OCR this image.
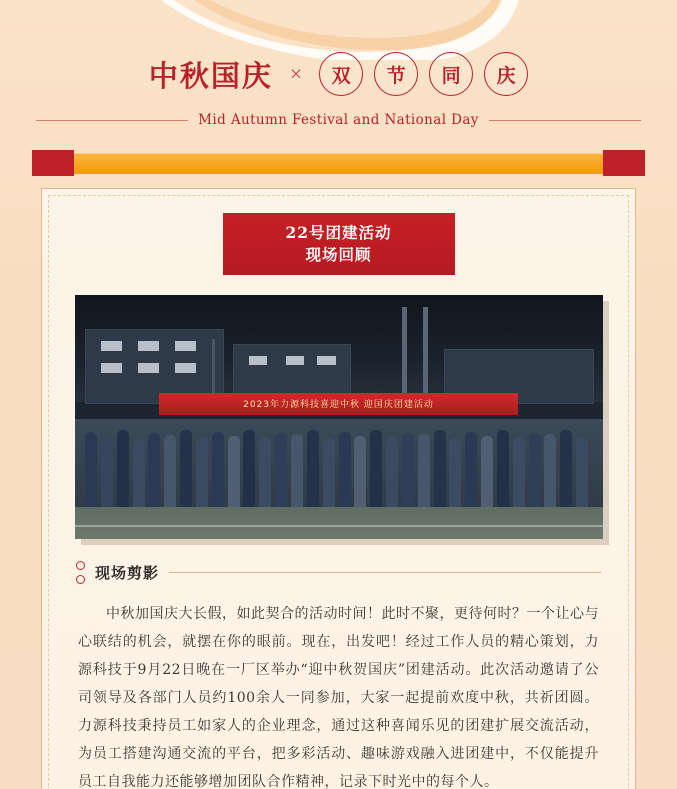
中秋国庆 ×	双	节	同	庆
Mid Autumn Festival and National Day
22号团建活动
现场回顾
2023年力源科技喜迎中秋 迎国庆团建活动
现场剪影
中秋加国庆大长假，如此契合的活动时间！此时不聚，更待何时？一个让心与心联结的机会，就摆在你的眼前。现在，出发吧！经过工作人员的精心策划，力源科技于9月22日晚在一厂区举办“迎中秋贺国庆”团建活动。此次活动邀请了公司领导及各部门人员约100余人一同参加，大家一起提前欢度中秋，共祈团圆。力源科技秉持员工如家人的企业理念，通过这种喜闻乐见的团建扩展交流活动，为员工搭建沟通交流的平台，把多彩活动、趣味游戏融入进团建中，不仅能提升员工自我能力还能够增加团队合作精神，记录下时光中的每个人。
